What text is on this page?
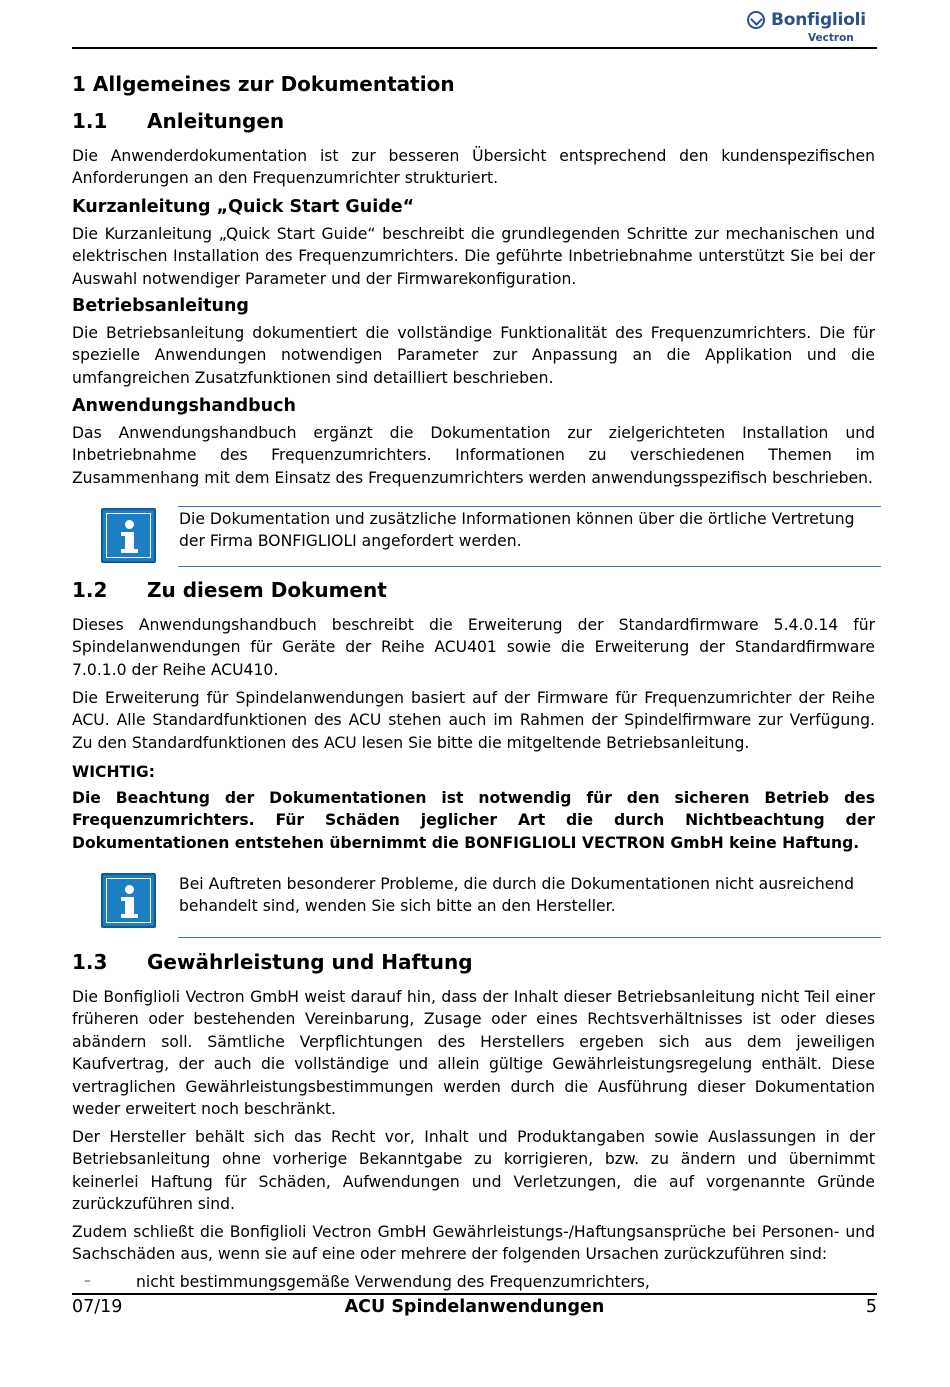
Bonfiglioli
Vectron
1 Allgemeines zur Dokumentation
1.1 Anleitungen
Die Anwenderdokumentation ist zur besseren Übersicht entsprechend den kundenspezifischen Anforderungen an den Frequenzumrichter strukturiert.
Kurzanleitung „Quick Start Guide“
Die Kurzanleitung „Quick Start Guide“ beschreibt die grundlegenden Schritte zur mechanischen und elektrischen Installation des Frequenzumrichters. Die geführte Inbetriebnahme unterstützt Sie bei der Auswahl notwendiger Parameter und der Firmwarekonfiguration.
Betriebsanleitung
Die Betriebsanleitung dokumentiert die vollständige Funktionalität des Frequenzumrichters. Die für spezielle Anwendungen notwendigen Parameter zur Anpassung an die Applikation und die umfangreichen Zusatzfunktionen sind detailliert beschrieben.
Anwendungshandbuch
Das Anwendungshandbuch ergänzt die Dokumentation zur zielgerichteten Installation und Inbetriebnahme des Frequenzumrichters. Informationen zu verschiedenen Themen im Zusammenhang mit dem Einsatz des Frequenzumrichters werden anwendungsspezifisch beschrieben.
Die Dokumentation und zusätzliche Informationen können über die örtliche Vertretung der Firma BONFIGLIOLI angefordert werden.
1.2 Zu diesem Dokument
Dieses Anwendungshandbuch beschreibt die Erweiterung der Standardfirmware 5.4.0.14 für Spindelanwendungen für Geräte der Reihe ACU401 sowie die Erweiterung der Standardfirmware 7.0.1.0 der Reihe ACU410.
Die Erweiterung für Spindelanwendungen basiert auf der Firmware für Frequenzumrichter der Reihe ACU. Alle Standardfunktionen des ACU stehen auch im Rahmen der Spindelfirmware zur Verfügung. Zu den Standardfunktionen des ACU lesen Sie bitte die mitgeltende Betriebsanleitung.
WICHTIG:
Die Beachtung der Dokumentationen ist notwendig für den sicheren Betrieb des Frequenzumrichters. Für Schäden jeglicher Art die durch Nichtbeachtung der Dokumentationen entstehen übernimmt die BONFIGLIOLI VECTRON GmbH keine Haftung.
Bei Auftreten besonderer Probleme, die durch die Dokumentationen nicht ausreichend behandelt sind, wenden Sie sich bitte an den Hersteller.
1.3 Gewährleistung und Haftung
Die Bonfiglioli Vectron GmbH weist darauf hin, dass der Inhalt dieser Betriebsanleitung nicht Teil einer früheren oder bestehenden Vereinbarung, Zusage oder eines Rechtsverhältnisses ist oder dieses abändern soll. Sämtliche Verpflichtungen des Herstellers ergeben sich aus dem jeweiligen Kaufvertrag, der auch die vollständige und allein gültige Gewährleistungsregelung enthält. Diese vertraglichen Gewährleistungsbestimmungen werden durch die Ausführung dieser Dokumentation weder erweitert noch beschränkt.
Der Hersteller behält sich das Recht vor, Inhalt und Produktangaben sowie Auslassungen in der Betriebsanleitung ohne vorherige Bekanntgabe zu korrigieren, bzw. zu ändern und übernimmt keinerlei Haftung für Schäden, Aufwendungen und Verletzungen, die auf vorgenannte Gründe zurückzuführen sind.
Zudem schließt die Bonfiglioli Vectron GmbH Gewährleistungs-/Haftungsansprüche bei Personen- und Sachschäden aus, wenn sie auf eine oder mehrere der folgenden Ursachen zurückzuführen sind:
–	nicht bestimmungsgemäße Verwendung des Frequenzumrichters,
07/19	ACU Spindelanwendungen	5
